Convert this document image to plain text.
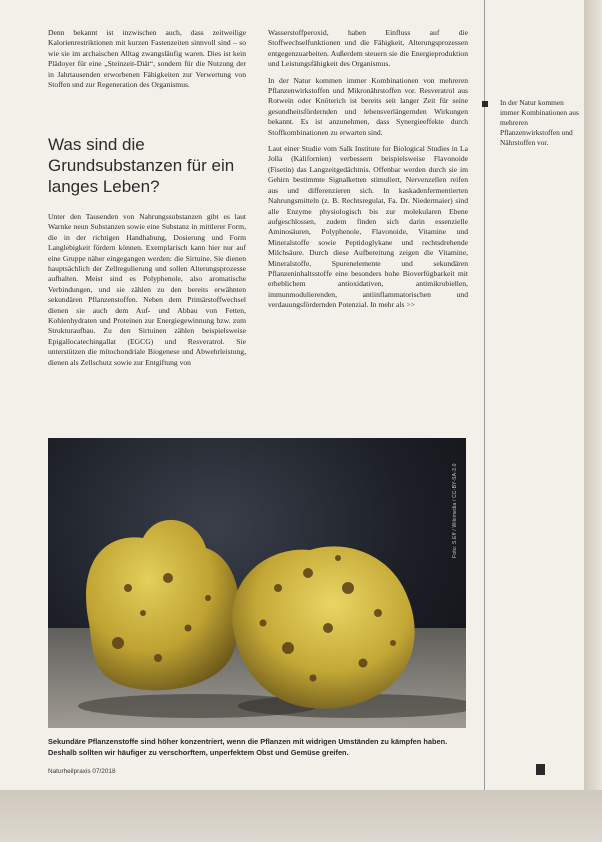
Denn bekannt ist inzwischen auch, dass zeitweilige Kalorienrestriktionen mit kurzen Fastenzeiten sinnvoll sind – so wie sie im archaischen Alltag zwangsläufig waren. Dies ist kein Plädoyer für eine „Steinzeit-Diät“, sondern für die Nutzung der in Jahrtausenden erworbenen Fähigkeiten zur Verwertung von Stoffen und zur Regeneration des Organismus.

Was sind die Grundsubstanzen für ein langes Leben?

Unter den Tausenden von Nahrungssubstanzen gibt es laut Warnke neun Substanzen sowie eine Substanz in mittlerer Form, die in der richtigen Handhabung, Dosierung und Form Langlebigkeit fördern können. Exemplarisch kann hier nur auf eine Gruppe näher eingegangen werden: die Sirtuine. Sie dienen hauptsächlich der Zellregulierung und sollen Alterungsprozesse aufhalten. Meist sind es Polyphenole, also aromatische Verbindungen, und sie zählen zu den bereits erwähnten sekundären Pflanzenstoffen. Neben dem Primärstoffwechsel dienen sie auch dem Auf- und Abbau von Fetten, Kohlenhydraten und Proteinen zur Energiegewinnung bzw. zum Strukturaufbau. Zu den Sirtuinen zählen beispielsweise Epigallocatechingallat (EGCG) und Resveratrol. Sie unterstützen die mitochondriale Biogenese und Abwehrleistung, dienen als Zellschutz sowie zur Entgiftung von

Wasserstoffperoxid, haben Einfluss auf die Stoffwechselfunktionen und die Fähigkeit, Alterungsprozessen entgegenzuarbeiten. Außerdem steuern sie die Energieproduktion und Leistungsfähigkeit des Organismus.

In der Natur kommen immer Kombinationen von mehreren Pflanzenwirkstoffen und Mikronährstoffen vor. Resveratrol aus Rotwein oder Knöterich ist bereits seit langer Zeit für seine gesundheitsfördernden und lebensverlängernden Wirkungen bekannt. Es ist anzunehmen, dass Synergieeffekte durch Stoffkombinationen zu erwarten sind.

Laut einer Studie vom Salk Institute for Biological Studies in La Jolla (Kalifornien) verbessern beispielsweise Flavonoide (Fisetin) das Langzeitgedächtnis. Offenbar werden durch sie im Gehirn bestimmte Signalketten stimuliert, Nervenzellen reifen aus und differenzieren sich. In kaskadenfermentierten Nahrungsmitteln (z. B. Rechtsregulat, Fa. Dr. Niedermaier) sind alle Enzyme physiologisch bis zur molekularen Ebene aufgeschlossen, zudem finden sich darin essenzielle Aminosäuren, Polyphenole, Flavonoide, Vitamine und Mineralstoffe sowie Peptidoglykane und rechtsdrehende Milchsäure. Durch diese Aufbereitung zeigen die Vitamine, Mineralstoffe, Spurenelemente und sekundären Pflanzeninhaltsstoffe eine besonders hohe Bioverfügbarkeit mit erheblichem antioxidativen, antimikrobiellen, immunmodulierenden, antiinflammatorischen und verdauungsfördernden Potenzial. In mehr als >>

In der Natur kommen immer Kombinationen aus mehreren Pflanzenwirkstoffen und Nährstoffen vor.
Foto: S.Eff / Wikimedia / CC-BY-SA-3.0
Sekundäre Pflanzenstoffe sind höher konzentriert, wenn die Pflanzen mit widrigen Umständen zu kämpfen haben. Deshalb sollten wir häufiger zu verschorftem, unperfektem Obst und Gemüse greifen.
Naturheilpraxis 07/2018
